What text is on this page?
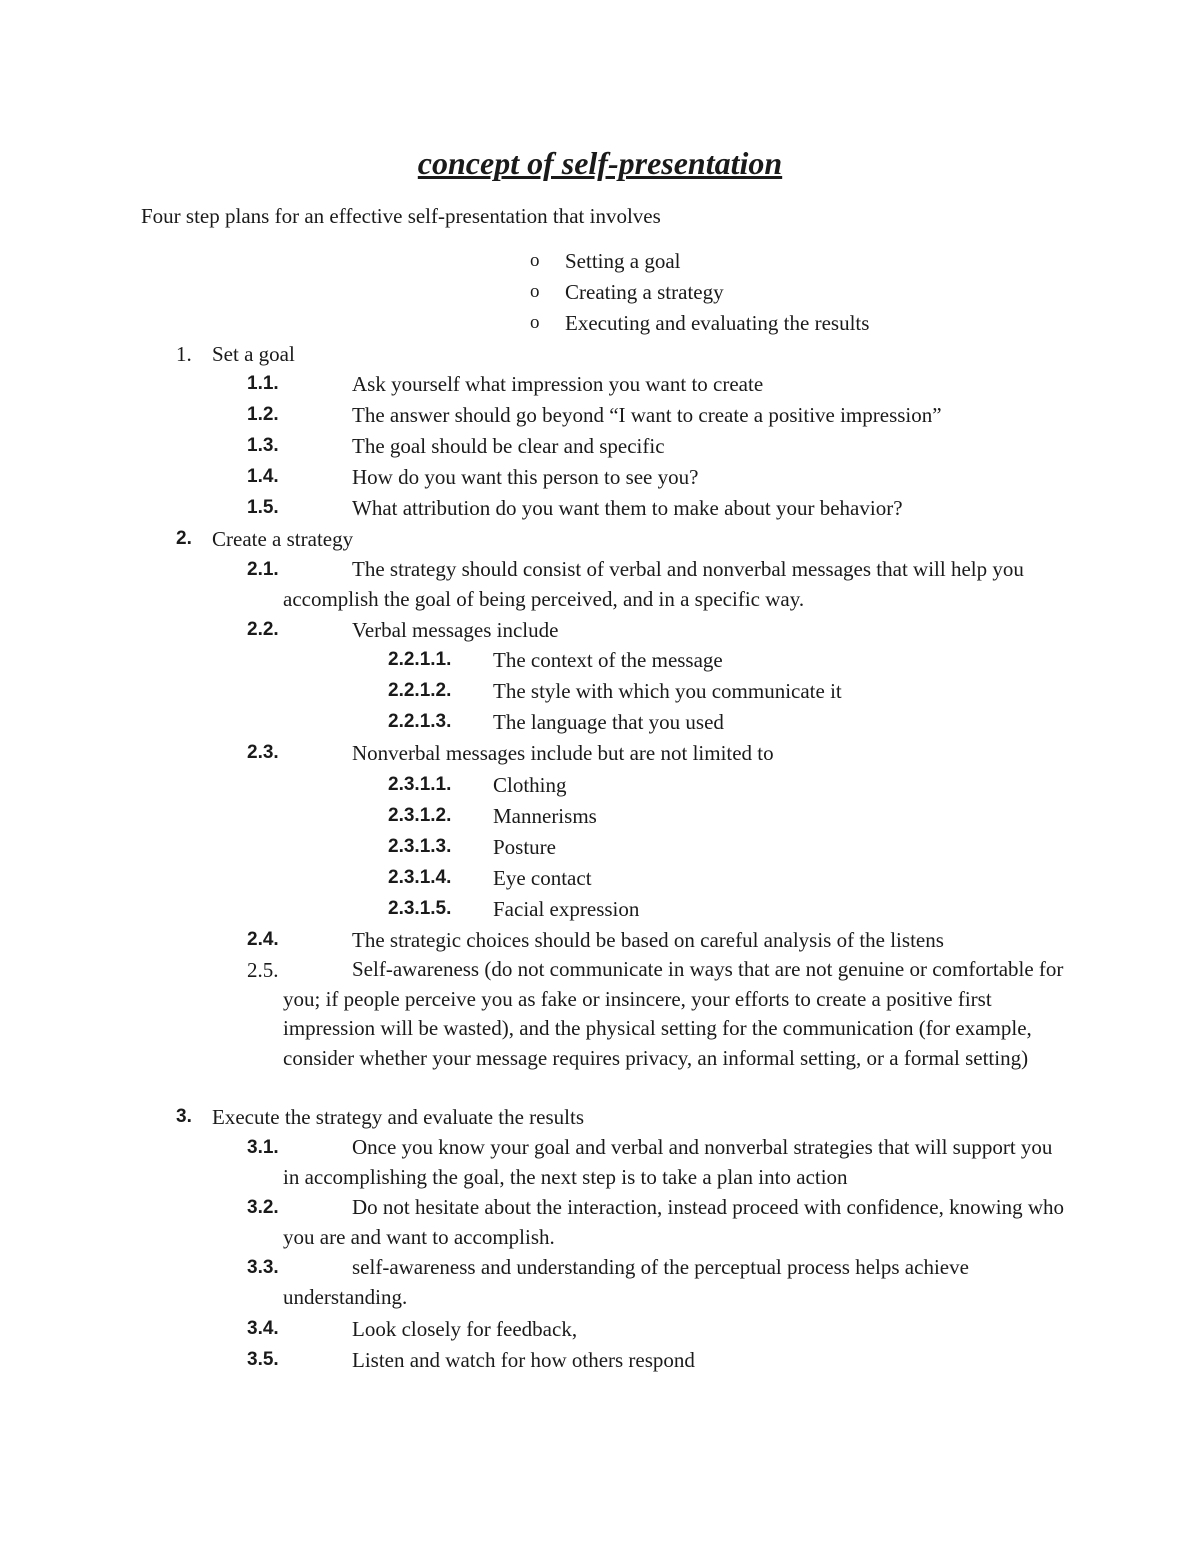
concept of self-presentation
Four step plans for an effective self-presentation that involves
o Setting a goal
o Creating a strategy
o Executing and evaluating the results
1. Set a goal
1.1.	Ask yourself what impression you want to create
1.2.	The answer should go beyond “I want to create a positive impression”
1.3.	The goal should be clear and specific
1.4.	How do you want this person to see you?
1.5.	What attribution do you want them to make about your behavior?
2. Create a strategy
2.1.	The strategy should consist of verbal and nonverbal messages that will help you accomplish the goal of being perceived, and in a specific way.
2.2.	Verbal messages include
2.2.1.1. The context of the message
2.2.1.2. The style with which you communicate it
2.2.1.3. The language that you used
2.3.	Nonverbal messages include but are not limited to
2.3.1.1. Clothing
2.3.1.2. Mannerisms
2.3.1.3. Posture
2.3.1.4. Eye contact
2.3.1.5. Facial expression
2.4.	The strategic choices should be based on careful analysis of the listens
2.5.	Self-awareness (do not communicate in ways that are not genuine or comfortable for you; if people perceive you as fake or insincere, your efforts to create a positive first impression will be wasted), and the physical setting for the communication (for example, consider whether your message requires privacy, an informal setting, or a formal setting)
3. Execute the strategy and evaluate the results
3.1.	Once you know your goal and verbal and nonverbal strategies that will support you in accomplishing the goal, the next step is to take a plan into action
3.2.	Do not hesitate about the interaction, instead proceed with confidence, knowing who you are and want to accomplish.
3.3.	self-awareness and understanding of the perceptual process helps achieve understanding.
3.4.	Look closely for feedback,
3.5.	Listen and watch for how others respond
